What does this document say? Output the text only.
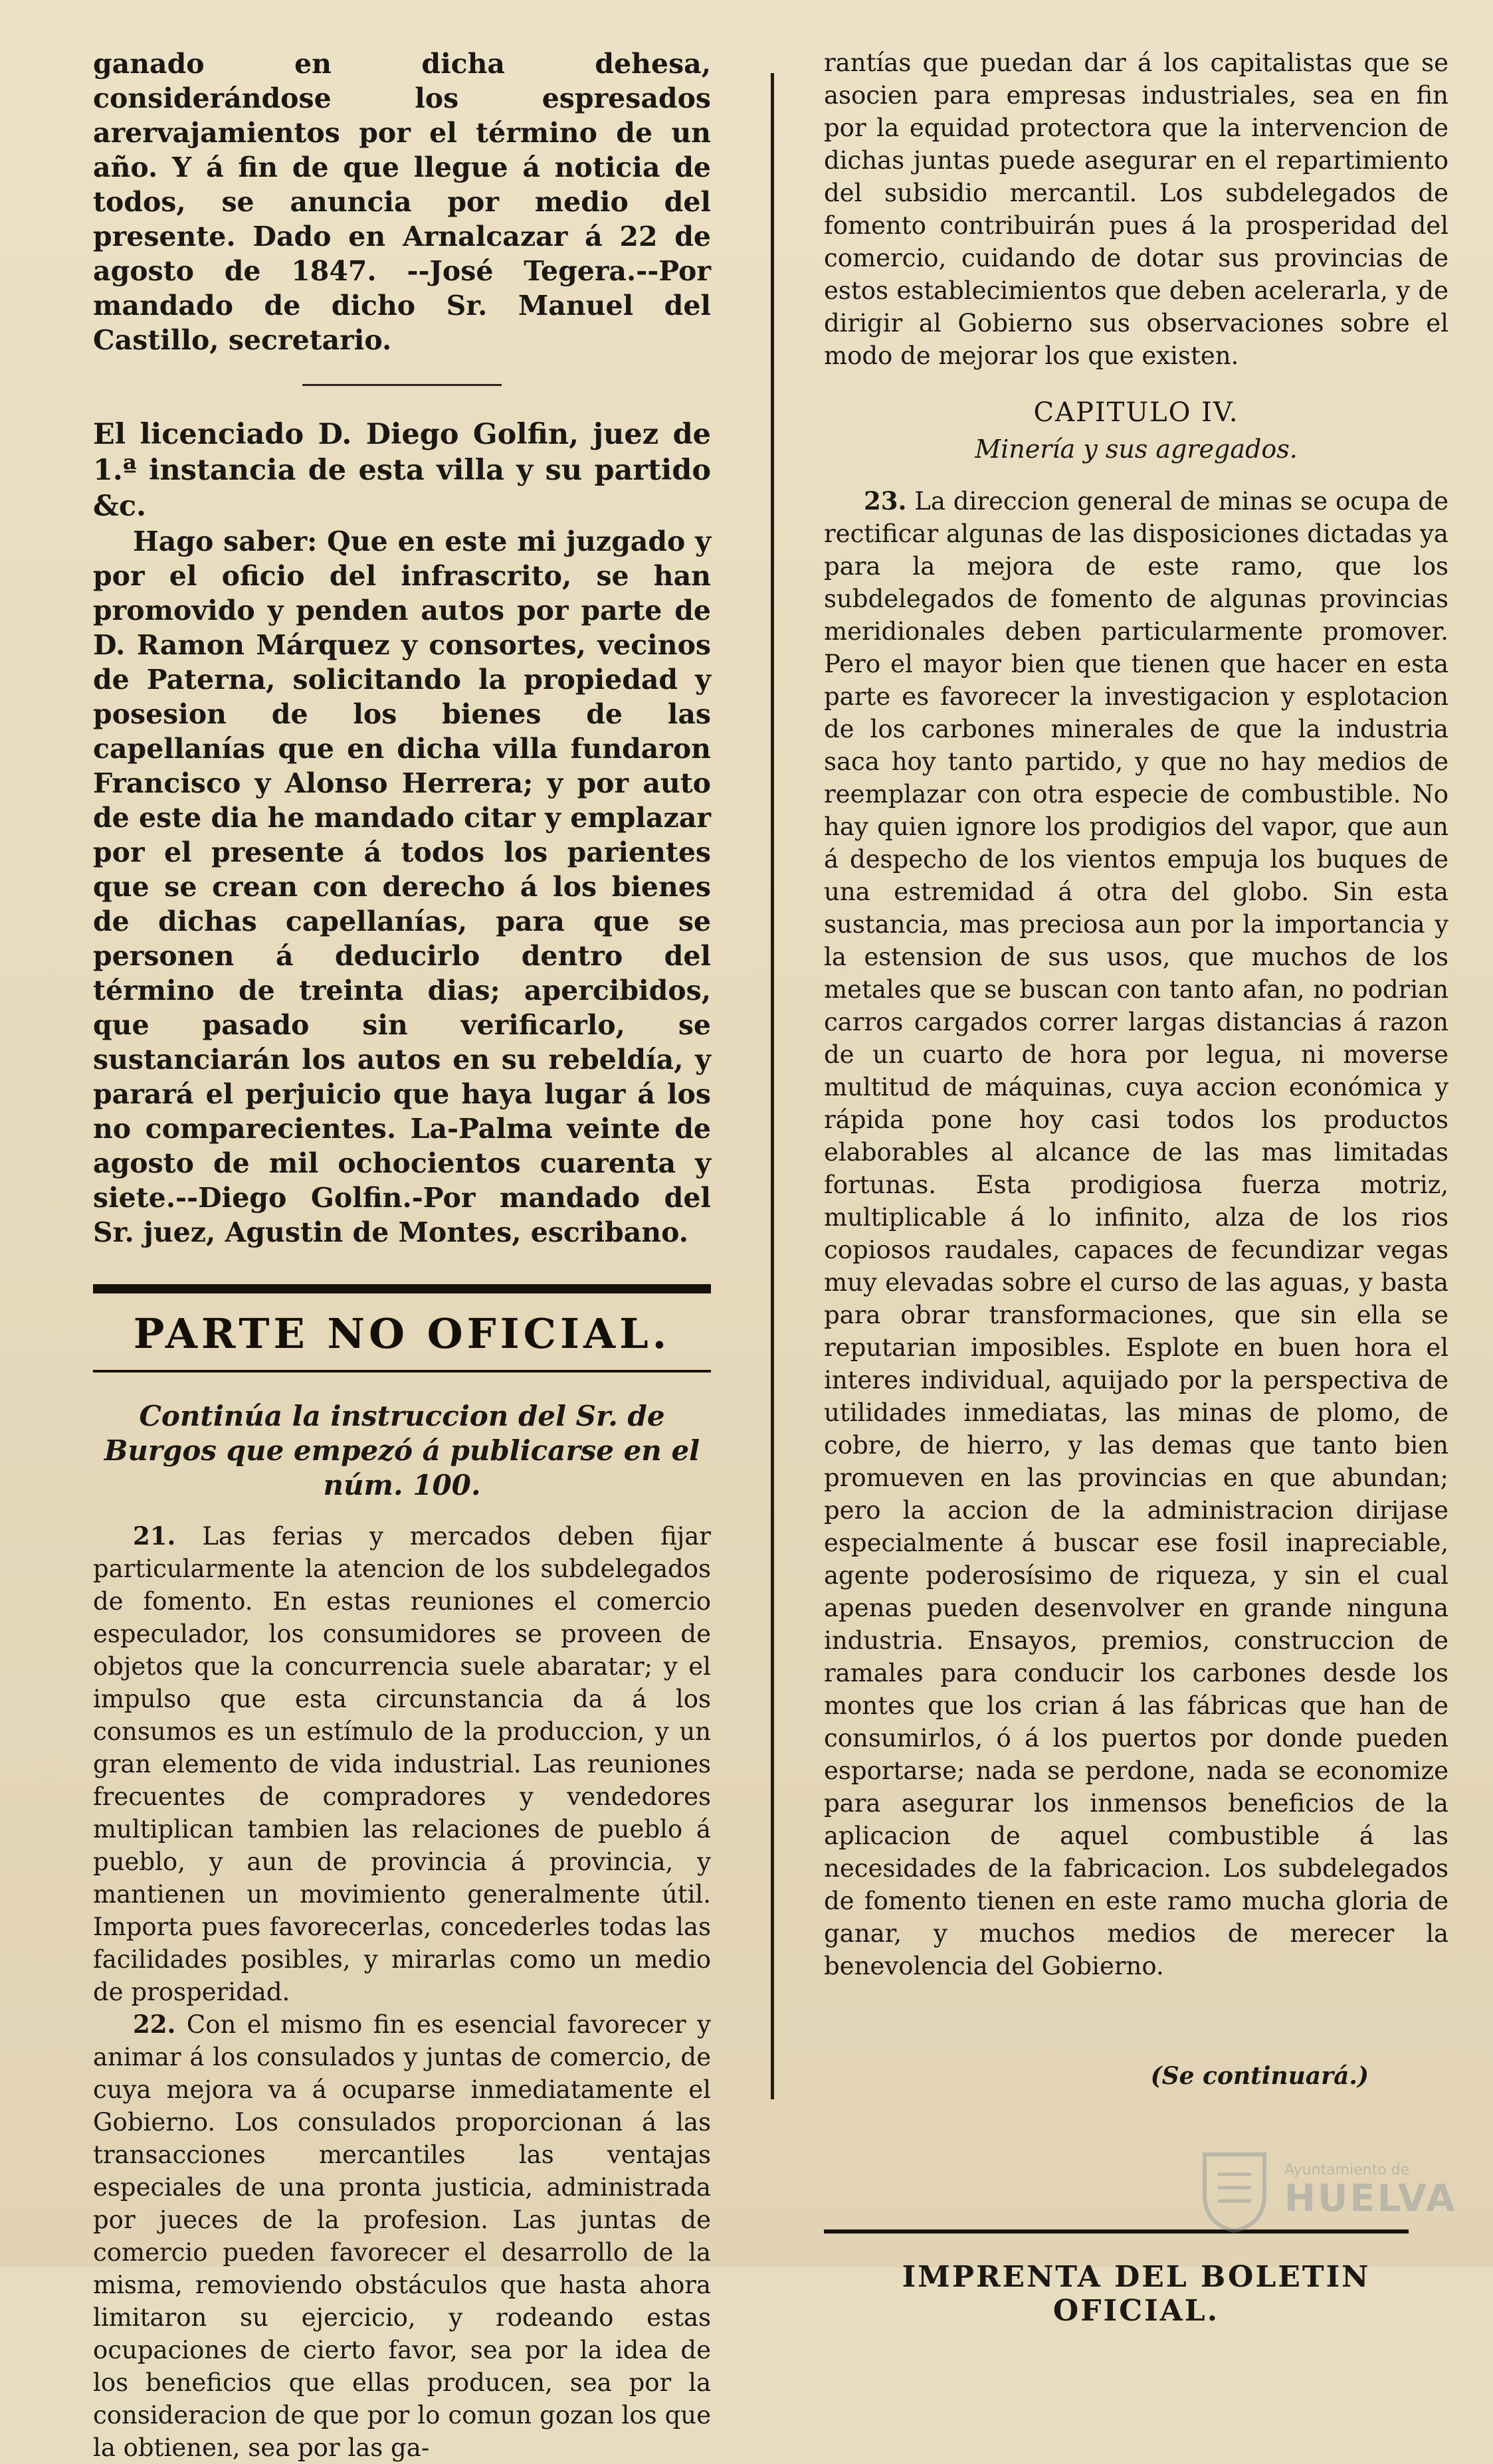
ganado en dicha dehesa, considerándose los espresados arervajamientos por el término de un año. Y á fin de que llegue á noticia de todos, se anuncia por medio del presente. Dado en Arnalcazar á 22 de agosto de 1847. --José Tegera.--Por mandado de dicho Sr. Manuel del Castillo, secretario.

El licenciado D. Diego Golfin, juez de 1.ª instancia de esta villa y su partido &c.

Hago saber: Que en este mi juzgado y por el oficio del infrascrito, se han promovido y penden autos por parte de D. Ramon Márquez y consortes, vecinos de Paterna, solicitando la propiedad y posesion de los bienes de las capellanías que en dicha villa fundaron Francisco y Alonso Herrera; y por auto de este dia he mandado citar y emplazar por el presente á todos los parientes que se crean con derecho á los bienes de dichas capellanías, para que se personen á deducirlo dentro del término de treinta dias; apercibidos, que pasado sin verificarlo, se sustanciarán los autos en su rebeldía, y parará el perjuicio que haya lugar á los no comparecientes. La-Palma veinte de agosto de mil ochocientos cuarenta y siete.--Diego Golfin.-Por mandado del Sr. juez, Agustin de Montes, escribano.

PARTE NO OFICIAL.
Continúa la instruccion del Sr. de Burgos que empezó á publicarse en el núm. 100.

21. Las ferias y mercados deben fijar particularmente la atencion de los subdelegados de fomento. En estas reuniones el comercio especulador, los consumidores se proveen de objetos que la concurrencia suele abaratar; y el impulso que esta circunstancia da á los consumos es un estímulo de la produccion, y un gran elemento de vida industrial. Las reuniones frecuentes de compradores y vendedores multiplican tambien las relaciones de pueblo á pueblo, y aun de provincia á provincia, y mantienen un movimiento generalmente útil. Importa pues favorecerlas, concederles todas las facilidades posibles, y mirarlas como un medio de prosperidad.

22. Con el mismo fin es esencial favorecer y animar á los consulados y juntas de comercio, de cuya mejora va á ocuparse inmediatamente el Gobierno. Los consulados proporcionan á las transacciones mercantiles las ventajas especiales de una pronta justicia, administrada por jueces de la profesion. Las juntas de comercio pueden favorecer el desarrollo de la misma, removiendo obstáculos que hasta ahora limitaron su ejercicio, y rodeando estas ocupaciones de cierto favor, sea por la idea de los beneficios que ellas producen, sea por la consideracion de que por lo comun gozan los que la obtienen, sea por las ga-

rantías que puedan dar á los capitalistas que se asocien para empresas industriales, sea en fin por la equidad protectora que la intervencion de dichas juntas puede asegurar en el repartimiento del subsidio mercantil. Los subdelegados de fomento contribuirán pues á la prosperidad del comercio, cuidando de dotar sus provincias de estos establecimientos que deben acelerarla, y de dirigir al Gobierno sus observaciones sobre el modo de mejorar los que existen.

CAPITULO IV.
Minería y sus agregados.

23. La direccion general de minas se ocupa de rectificar algunas de las disposiciones dictadas ya para la mejora de este ramo, que los subdelegados de fomento de algunas provincias meridionales deben particularmente promover. Pero el mayor bien que tienen que hacer en esta parte es favorecer la investigacion y esplotacion de los carbones minerales de que la industria saca hoy tanto partido, y que no hay medios de reemplazar con otra especie de combustible. No hay quien ignore los prodigios del vapor, que aun á despecho de los vientos empuja los buques de una estremidad á otra del globo. Sin esta sustancia, mas preciosa aun por la importancia y la estension de sus usos, que muchos de los metales que se buscan con tanto afan, no podrian carros cargados correr largas distancias á razon de un cuarto de hora por legua, ni moverse multitud de máquinas, cuya accion económica y rápida pone hoy casi todos los productos elaborables al alcance de las mas limitadas fortunas. Esta prodigiosa fuerza motriz, multiplicable á lo infinito, alza de los rios copiosos raudales, capaces de fecundizar vegas muy elevadas sobre el curso de las aguas, y basta para obrar transformaciones, que sin ella se reputarian imposibles. Esplote en buen hora el interes individual, aquijado por la perspectiva de utilidades inmediatas, las minas de plomo, de cobre, de hierro, y las demas que tanto bien promueven en las provincias en que abundan; pero la accion de la administracion dirijase especialmente á buscar ese fosil inapreciable, agente poderosísimo de riqueza, y sin el cual apenas pueden desenvolver en grande ninguna industria. Ensayos, premios, construccion de ramales para conducir los carbones desde los montes que los crian á las fábricas que han de consumirlos, ó á los puertos por donde pueden esportarse; nada se perdone, nada se economize para asegurar los inmensos beneficios de la aplicacion de aquel combustible á las necesidades de la fabricacion. Los subdelegados de fomento tienen en este ramo mucha gloria de ganar, y muchos medios de merecer la benevolencia del Gobierno.

(Se continuará.)
IMPRENTA DEL BOLETIN OFICIAL.
Ayuntamiento de
HUELVA
